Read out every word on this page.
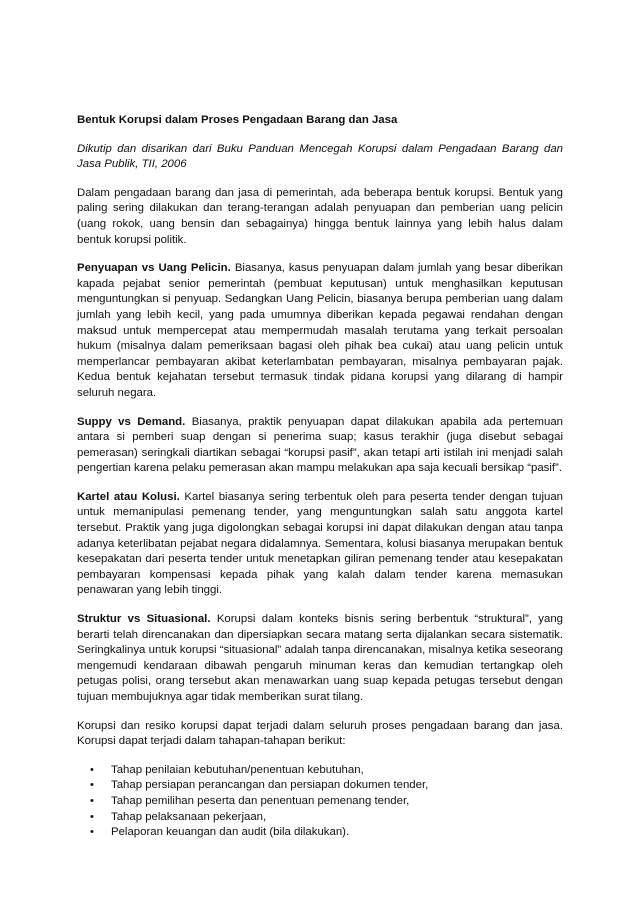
Bentuk Korupsi dalam Proses Pengadaan Barang dan Jasa
Dikutip dan disarikan dari Buku Panduan Mencegah Korupsi dalam Pengadaan Barang dan Jasa Publik, TII, 2006

Dalam pengadaan barang dan jasa di pemerintah, ada beberapa bentuk korupsi. Bentuk yang paling sering dilakukan dan terang-terangan adalah penyuapan dan pemberian uang pelicin (uang rokok, uang bensin dan sebagainya) hingga bentuk lainnya yang lebih halus dalam bentuk korupsi politik.

Penyuapan vs Uang Pelicin. Biasanya, kasus penyuapan dalam jumlah yang besar diberikan kapada pejabat senior pemerintah (pembuat keputusan) untuk menghasilkan keputusan menguntungkan si penyuap. Sedangkan Uang Pelicin, biasanya berupa pemberian uang dalam jumlah yang lebih kecil, yang pada umumnya diberikan kepada pegawai rendahan dengan maksud untuk mempercepat atau mempermudah masalah terutama yang terkait persoalan hukum (misalnya dalam pemeriksaan bagasi oleh pihak bea cukai) atau uang pelicin untuk memperlancar pembayaran akibat keterlambatan pembayaran, misalnya pembayaran pajak. Kedua bentuk kejahatan tersebut termasuk tindak pidana korupsi yang dilarang di hampir seluruh negara.

Suppy vs Demand. Biasanya, praktik penyuapan dapat dilakukan apabila ada pertemuan antara si pemberi suap dengan si penerima suap; kasus terakhir (juga disebut sebagai pemerasan) seringkali diartikan sebagai “korupsi pasif”, akan tetapi arti istilah ini menjadi salah pengertian karena pelaku pemerasan akan mampu melakukan apa saja kecuali bersikap “pasif”.

Kartel atau Kolusi. Kartel biasanya sering terbentuk oleh para peserta tender dengan tujuan untuk memanipulasi pemenang tender, yang menguntungkan salah satu anggota kartel tersebut. Praktik yang juga digolongkan sebagai korupsi ini dapat dilakukan dengan atau tanpa adanya keterlibatan pejabat negara didalamnya. Sementara, kolusi biasanya merupakan bentuk kesepakatan dari peserta tender untuk menetapkan giliran pemenang tender atau kesepakatan pembayaran kompensasi kepada pihak yang kalah dalam tender karena memasukan penawaran yang lebih tinggi.

Struktur vs Situasional. Korupsi dalam konteks bisnis sering berbentuk “struktural”, yang berarti telah direncanakan dan dipersiapkan secara matang serta dijalankan secara sistematik. Seringkalinya untuk korupsi “situasional” adalah tanpa direncanakan, misalnya ketika seseorang mengemudi kendaraan dibawah pengaruh minuman keras dan kemudian tertangkap oleh petugas polisi, orang tersebut akan menawarkan uang suap kepada petugas tersebut dengan tujuan membujuknya agar tidak memberikan surat tilang.

Korupsi dan resiko korupsi dapat terjadi dalam seluruh proses pengadaan barang dan jasa. Korupsi dapat terjadi dalam tahapan-tahapan berikut:

• Tahap penilaian kebutuhan/penentuan kebutuhan,
• Tahap persiapan perancangan dan persiapan dokumen tender,
• Tahap pemilihan peserta dan penentuan pemenang tender,
• Tahap pelaksanaan pekerjaan,
• Pelaporan keuangan dan audit (bila dilakukan).
